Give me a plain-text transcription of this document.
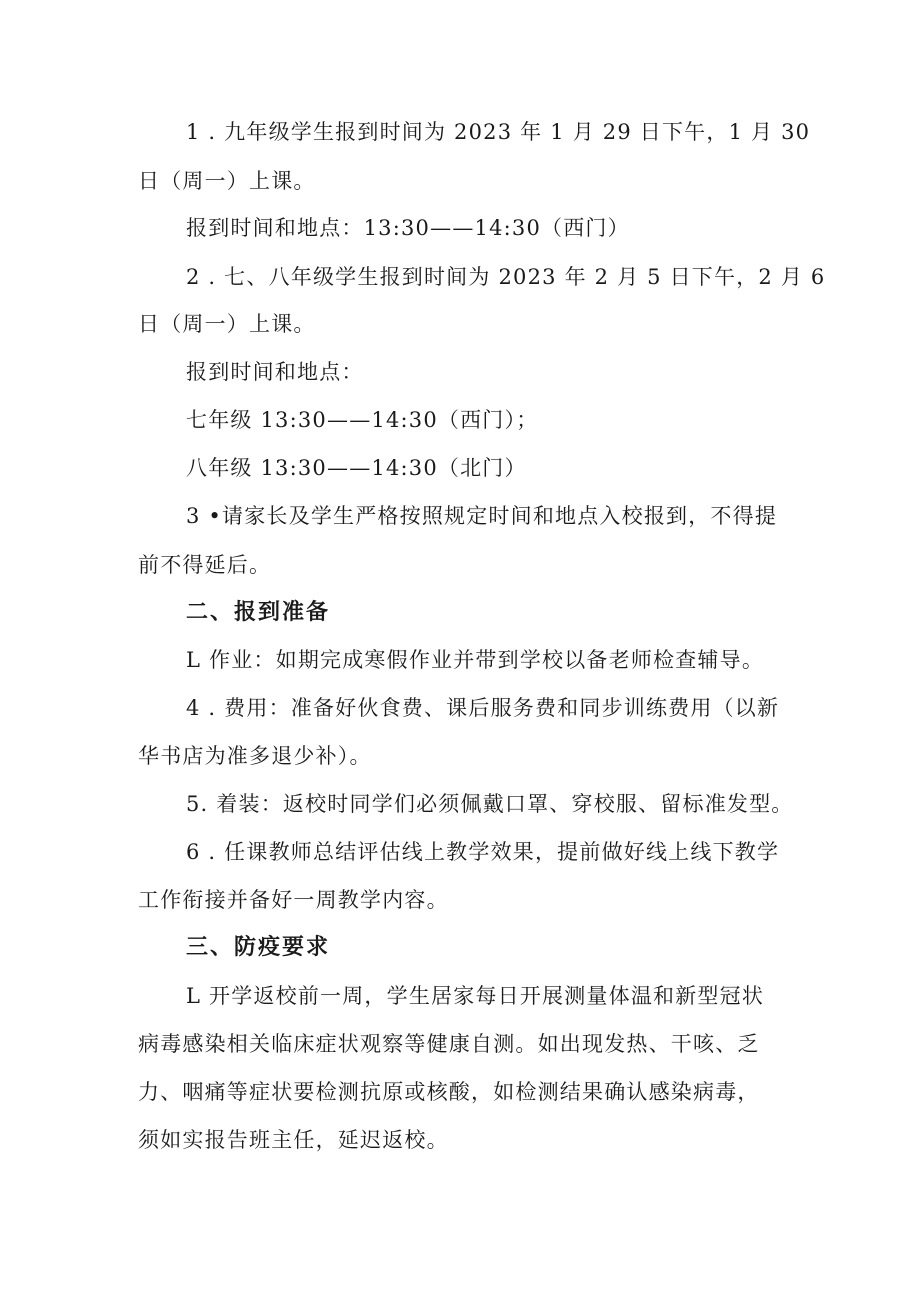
1 . 九年级学生报到时间为 2023 年 1 月 29 日下午，1 月 30
日（周一）上课。
报到时间和地点：13:30——14:30（西门）
2 . 七、八年级学生报到时间为 2023 年 2 月 5 日下午，2 月 6
日（周一）上课。
报到时间和地点：
七年级 13:30——14:30（西门）；
八年级 13:30——14:30（北门）
3 •请家长及学生严格按照规定时间和地点入校报到，不得提
前不得延后。
二、报到准备
L 作业：如期完成寒假作业并带到学校以备老师检查辅导。
4 . 费用：准备好伙食费、课后服务费和同步训练费用（以新
华书店为准多退少补）。
5. 着装：返校时同学们必须佩戴口罩、穿校服、留标准发型。
6 . 任课教师总结评估线上教学效果，提前做好线上线下教学
工作衔接并备好一周教学内容。
三、防疫要求
L 开学返校前一周，学生居家每日开展测量体温和新型冠状
病毒感染相关临床症状观察等健康自测。如出现发热、干咳、乏
力、咽痛等症状要检测抗原或核酸，如检测结果确认感染病毒，
须如实报告班主任，延迟返校。
